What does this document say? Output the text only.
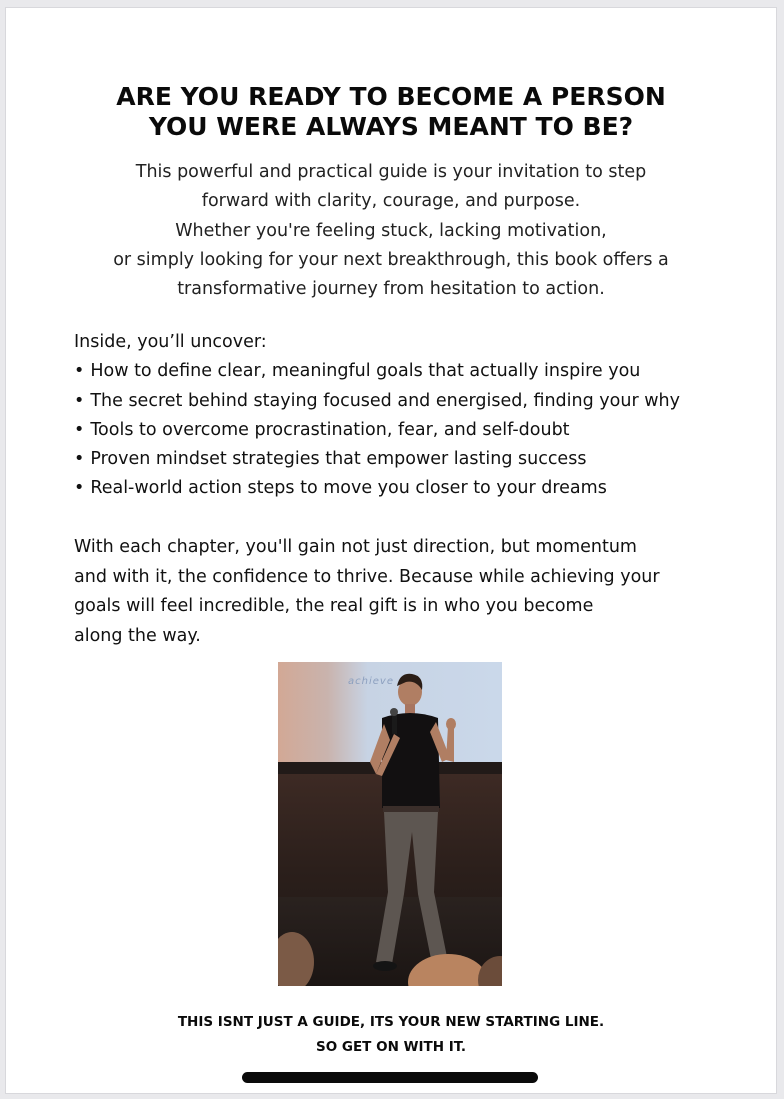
ARE YOU READY TO BECOME A PERSON
YOU WERE ALWAYS MEANT TO BE?
This powerful and practical guide is your invitation to step
forward with clarity, courage, and purpose.
Whether you're feeling stuck, lacking motivation,
or simply looking for your next breakthrough, this book offers a
transformative journey from hesitation to action.
Inside, you’ll uncover:
• How to define clear, meaningful goals that actually inspire you
• The secret behind staying focused and energised, finding your why
• Tools to overcome procrastination, fear, and self-doubt
• Proven mindset strategies that empower lasting success
• Real-world action steps to move you closer to your dreams
With each chapter, you'll gain not just direction, but momentum
and with it, the confidence to thrive. Because while achieving your
goals will feel incredible, the real gift is in who you become
along the way.
achieve
THIS ISNT JUST A GUIDE, ITS YOUR NEW STARTING LINE.
SO GET ON WITH IT.
